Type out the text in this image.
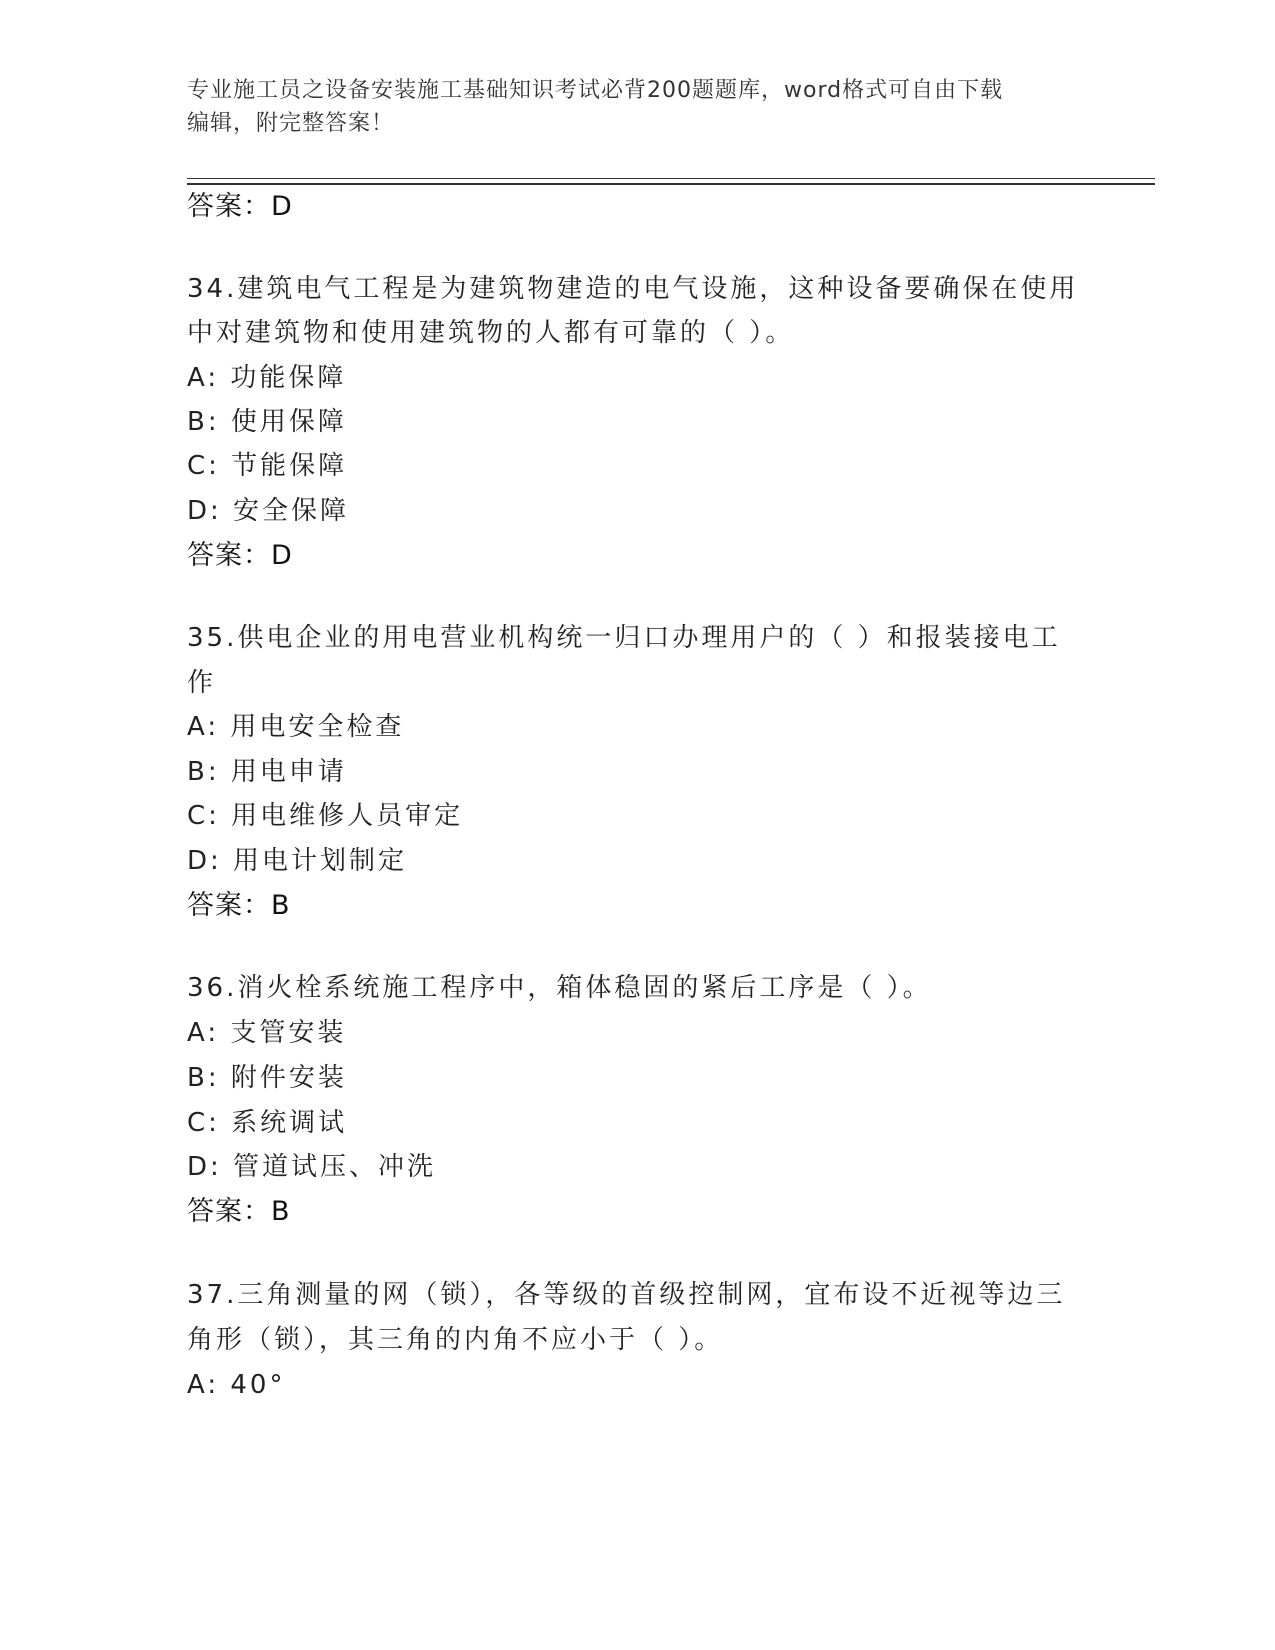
专业施工员之设备安装施工基础知识考试必背200题题库，word格式可自由下载
编辑，附完整答案！
答案：D
34.建筑电气工程是为建筑物建造的电气设施，这种设备要确保在使用
中对建筑物和使用建筑物的人都有可靠的（ ）。
A: 功能保障
B: 使用保障
C: 节能保障
D: 安全保障
答案：D
35.供电企业的用电营业机构统一归口办理用户的（ ）和报装接电工
作
A: 用电安全检查
B: 用电申请
C: 用电维修人员审定
D: 用电计划制定
答案：B
36.消火栓系统施工程序中，箱体稳固的紧后工序是（ ）。
A: 支管安装
B: 附件安装
C: 系统调试
D: 管道试压、冲洗
答案：B
37.三角测量的网（锁），各等级的首级控制网，宜布设不近视等边三
角形（锁），其三角的内角不应小于（ ）。
A: 40°
